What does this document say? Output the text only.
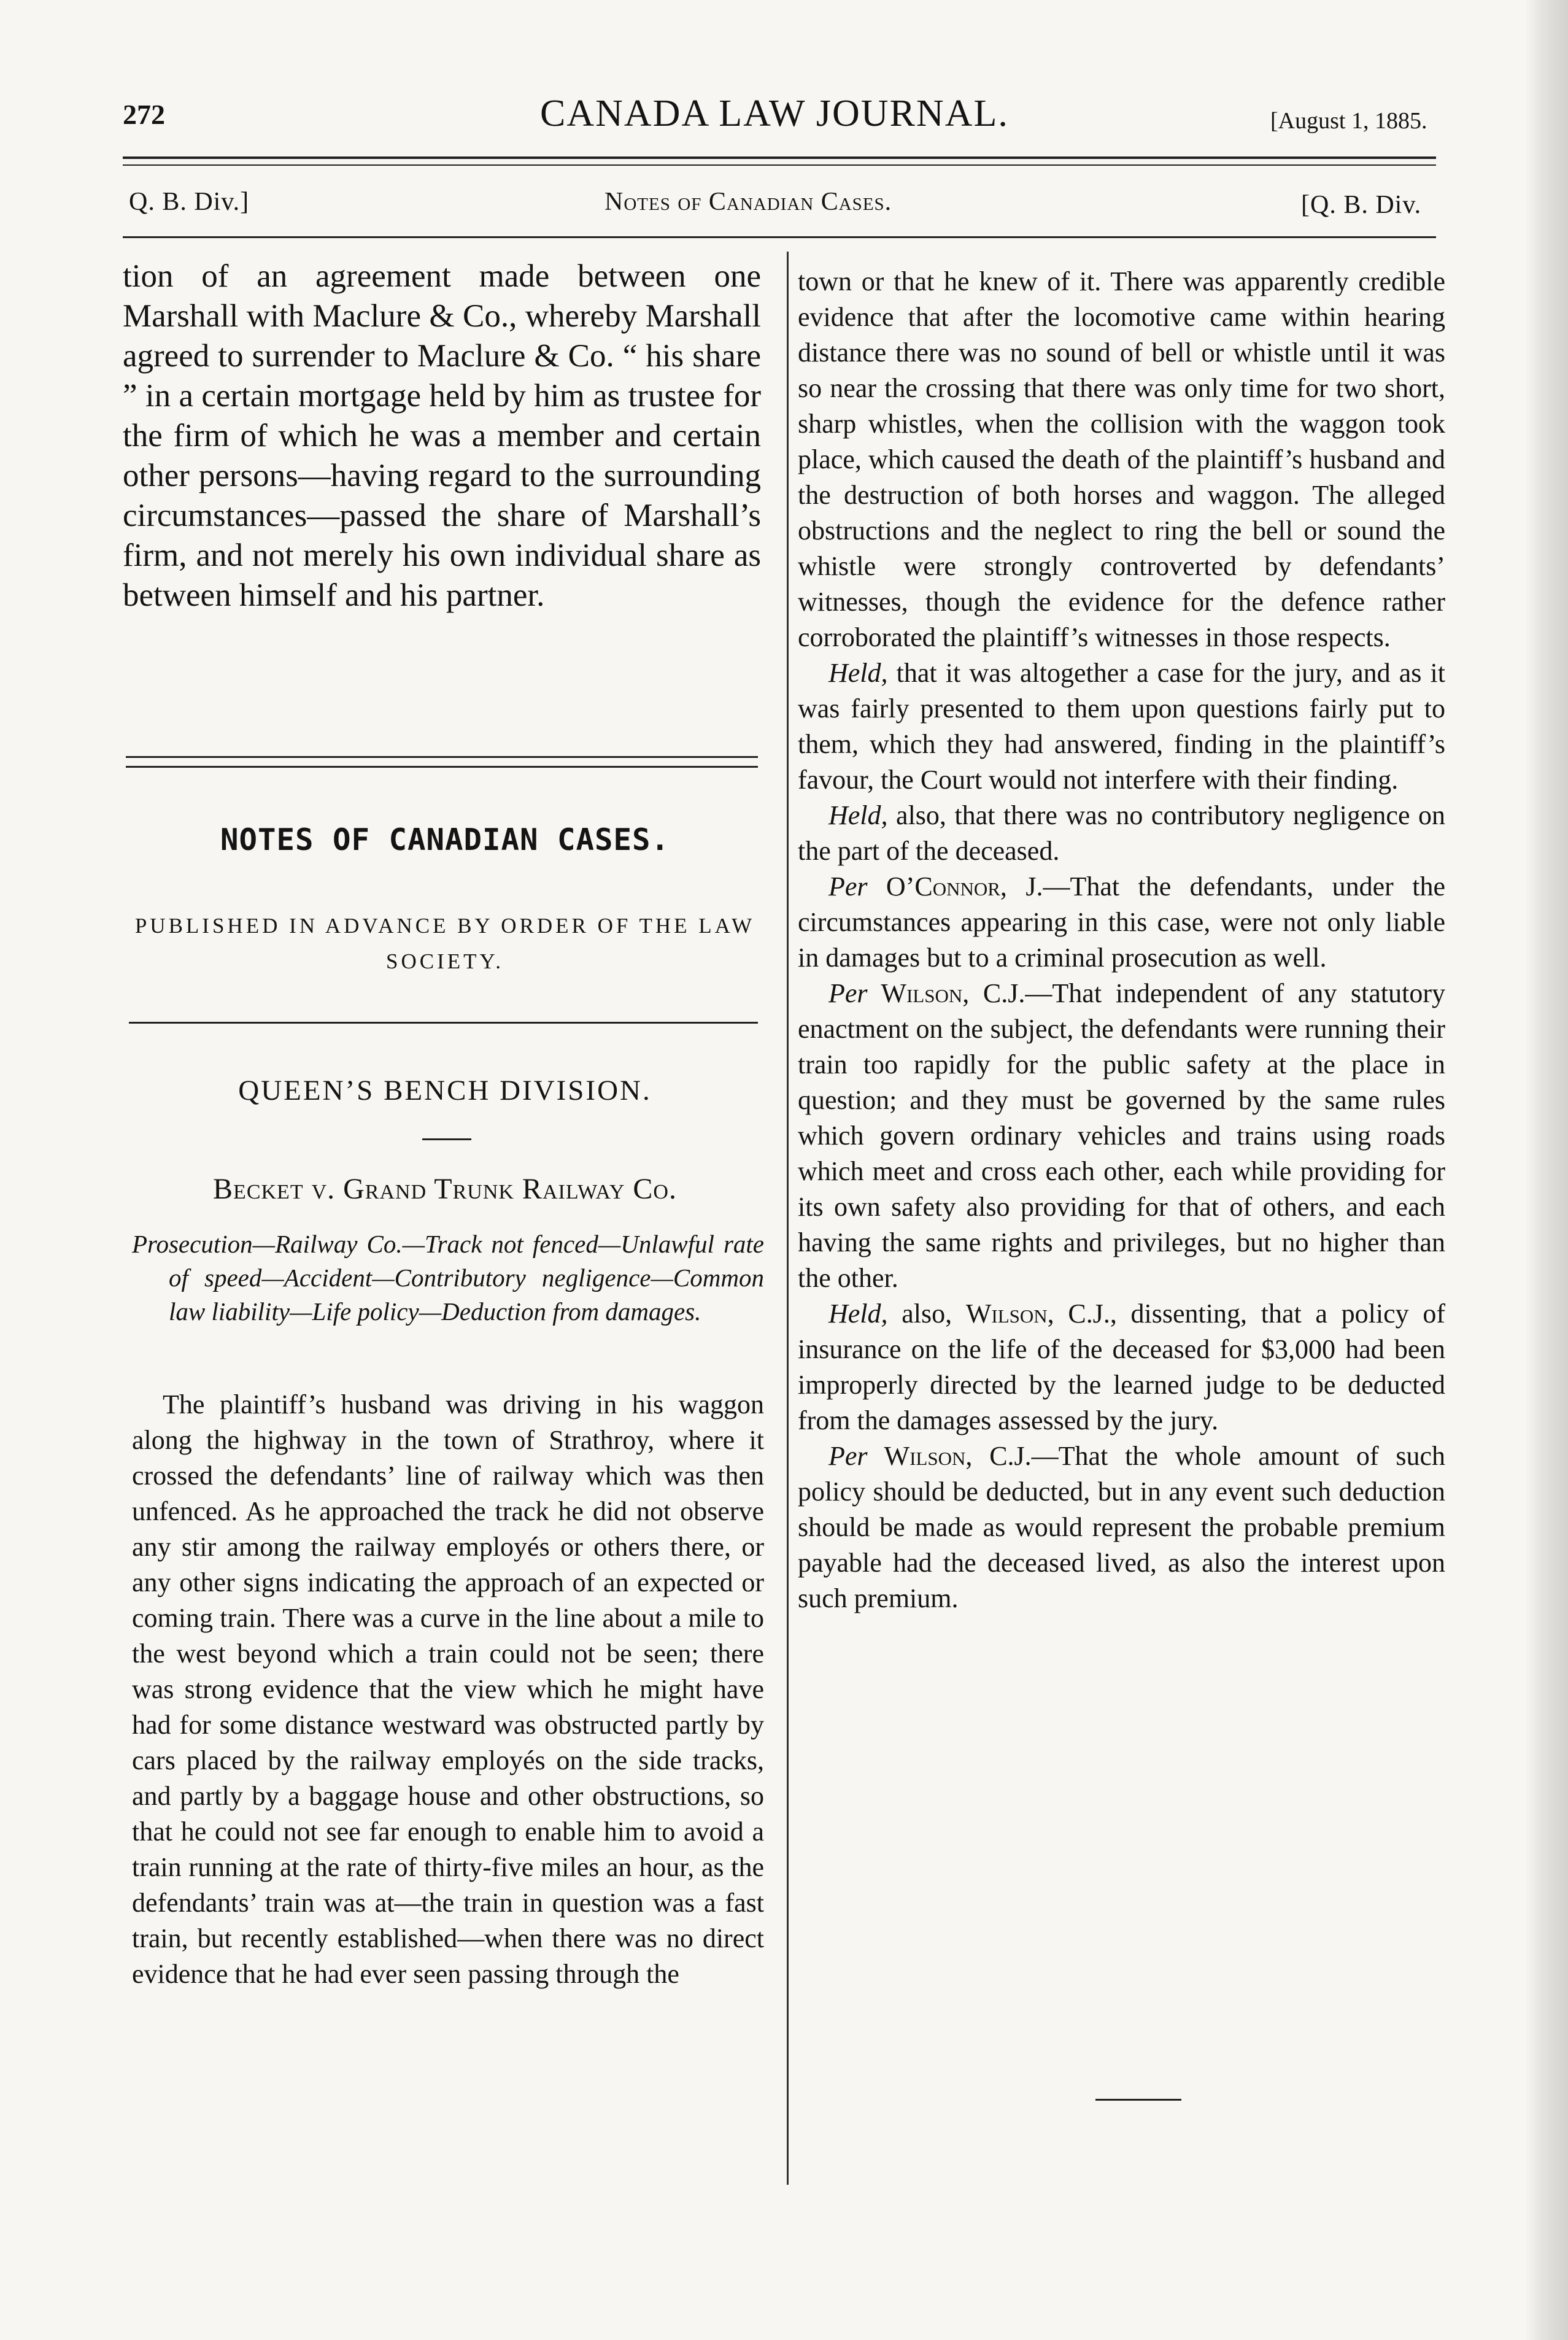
272	CANADA LAW JOURNAL.	[August 1, 1885.
Q. B. Div.]	Notes of Canadian Cases.	[Q. B. Div.

tion of an agreement made between one Marshall with Maclure & Co., whereby Marshall agreed to surrender to Maclure & Co. “ his share ” in a certain mortgage held by him as trustee for the firm of which he was a member and certain other persons—having regard to the surrounding circumstances—passed the share of Marshall’s firm, and not merely his own individual share as between himself and his partner.

NOTES OF CANADIAN CASES.
PUBLISHED IN ADVANCE BY ORDER OF THE LAW SOCIETY.
QUEEN’S BENCH DIVISION.
Becket v. Grand Trunk Railway Co.

Prosecution—Railway Co.—Track not fenced—Unlawful rate of speed—Accident—Contributory negligence—Common law liability—Life policy—Deduction from damages.

The plaintiff’s husband was driving in his waggon along the highway in the town of Strathroy, where it crossed the defendants’ line of railway which was then unfenced. As he approached the track he did not observe any stir among the railway employés or others there, or any other signs indicating the approach of an expected or coming train. There was a curve in the line about a mile to the west beyond which a train could not be seen; there was strong evidence that the view which he might have had for some distance westward was obstructed partly by cars placed by the railway employés on the side tracks, and partly by a baggage house and other obstructions, so that he could not see far enough to enable him to avoid a train running at the rate of thirty-five miles an hour, as the defendants’ train was at—the train in question was a fast train, but recently established—when there was no direct evidence that he had ever seen passing through the

town or that he knew of it. There was apparently credible evidence that after the locomotive came within hearing distance there was no sound of bell or whistle until it was so near the crossing that there was only time for two short, sharp whistles, when the collision with the waggon took place, which caused the death of the plaintiff’s husband and the destruction of both horses and waggon. The alleged obstructions and the neglect to ring the bell or sound the whistle were strongly controverted by defendants’ witnesses, though the evidence for the defence rather corroborated the plaintiff’s witnesses in those respects.

Held, that it was altogether a case for the jury, and as it was fairly presented to them upon questions fairly put to them, which they had answered, finding in the plaintiff’s favour, the Court would not interfere with their finding.

Held, also, that there was no contributory negligence on the part of the deceased.

Per O’Connor, J.—That the defendants, under the circumstances appearing in this case, were not only liable in damages but to a criminal prosecution as well.

Per Wilson, C.J.—That independent of any statutory enactment on the subject, the defendants were running their train too rapidly for the public safety at the place in question; and they must be governed by the same rules which govern ordinary vehicles and trains using roads which meet and cross each other, each while providing for its own safety also providing for that of others, and each having the same rights and privileges, but no higher than the other.

Held, also, Wilson, C.J., dissenting, that a policy of insurance on the life of the deceased for $3,000 had been improperly directed by the learned judge to be deducted from the damages assessed by the jury.

Per Wilson, C.J.—That the whole amount of such policy should be deducted, but in any event such deduction should be made as would represent the probable premium payable had the deceased lived, as also the interest upon such premium.
